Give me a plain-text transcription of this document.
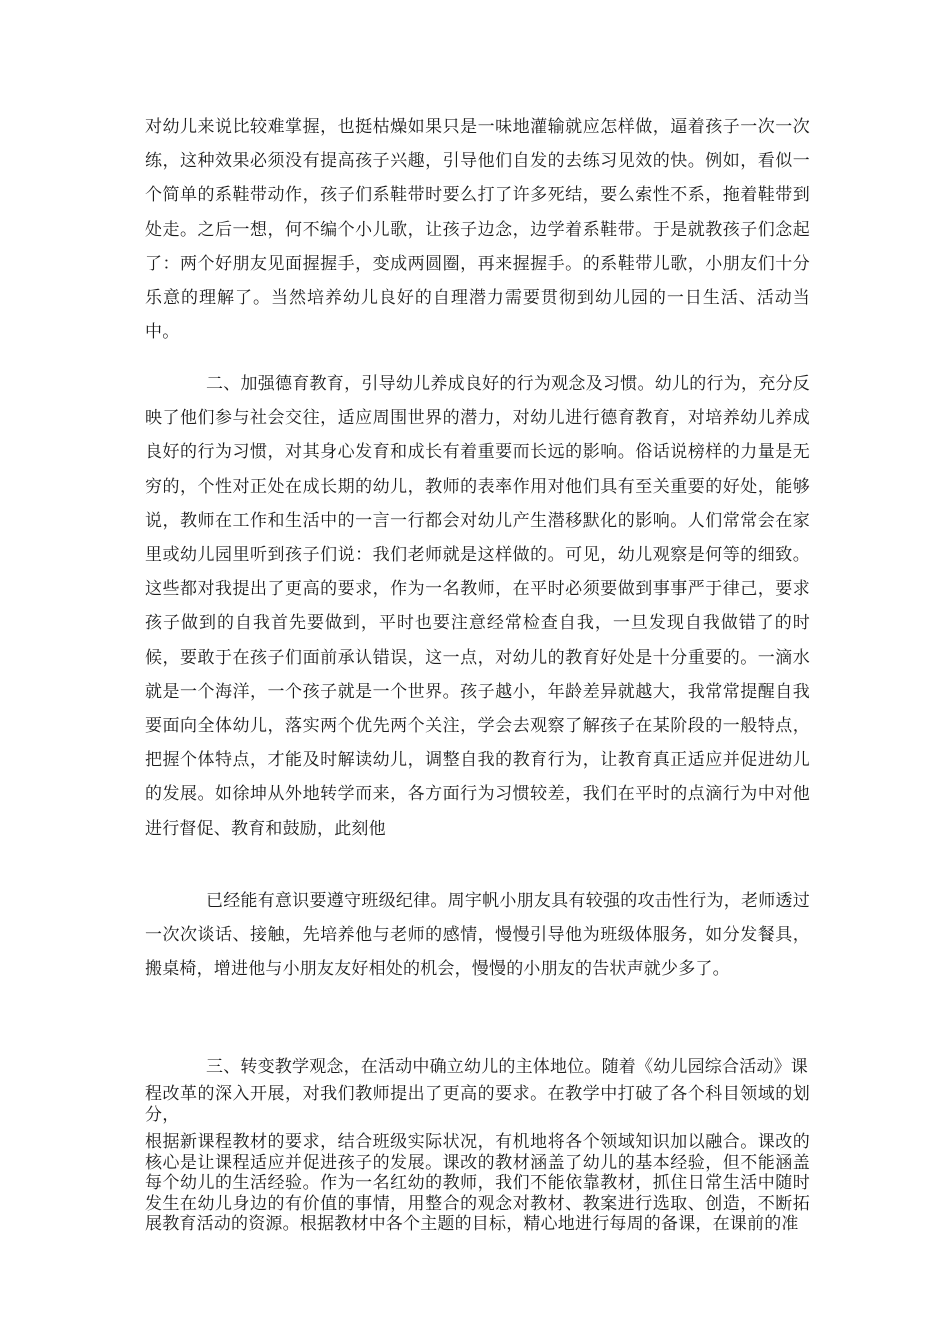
对幼儿来说比较难掌握，也挺枯燥如果只是一味地灌输就应怎样做，逼着孩子一次一次练，这种效果必须没有提高孩子兴趣，引导他们自发的去练习见效的快。例如，看似一个简单的系鞋带动作，孩子们系鞋带时要么打了许多死结，要么索性不系，拖着鞋带到处走。之后一想，何不编个小儿歌，让孩子边念，边学着系鞋带。于是就教孩子们念起了：两个好朋友见面握握手，变成两圆圈，再来握握手。的系鞋带儿歌，小朋友们十分乐意的理解了。当然培养幼儿良好的自理潜力需要贯彻到幼儿园的一日生活、活动当中。

二、加强德育教育，引导幼儿养成良好的行为观念及习惯。幼儿的行为，充分反映了他们参与社会交往，适应周围世界的潜力，对幼儿进行德育教育，对培养幼儿养成良好的行为习惯，对其身心发育和成长有着重要而长远的影响。俗话说榜样的力量是无穷的，个性对正处在成长期的幼儿，教师的表率作用对他们具有至关重要的好处，能够说，教师在工作和生活中的一言一行都会对幼儿产生潜移默化的影响。人们常常会在家里或幼儿园里听到孩子们说：我们老师就是这样做的。可见，幼儿观察是何等的细致。这些都对我提出了更高的要求，作为一名教师，在平时必须要做到事事严于律己，要求孩子做到的自我首先要做到，平时也要注意经常检查自我，一旦发现自我做错了的时候，要敢于在孩子们面前承认错误，这一点，对幼儿的教育好处是十分重要的。一滴水就是一个海洋，一个孩子就是一个世界。孩子越小，年龄差异就越大，我常常提醒自我要面向全体幼儿，落实两个优先两个关注，学会去观察了解孩子在某阶段的一般特点，把握个体特点，才能及时解读幼儿，调整自我的教育行为，让教育真正适应并促进幼儿的发展。如徐坤从外地转学而来，各方面行为习惯较差，我们在平时的点滴行为中对他进行督促、教育和鼓励，此刻他

已经能有意识要遵守班级纪律。周宇帆小朋友具有较强的攻击性行为，老师透过一次次谈话、接触，先培养他与老师的感情，慢慢引导他为班级体服务，如分发餐具，搬桌椅，增进他与小朋友友好相处的机会，慢慢的小朋友的告状声就少多了。

三、转变教学观念，在活动中确立幼儿的主体地位。随着《幼儿园综合活动》课
程改革的深入开展，对我们教师提出了更高的要求。在教学中打破了各个科目领域的划分，

根据新课程教材的要求，结合班级实际状况，有机地将各个领域知识加以融合。课改的核心是让课程适应并促进孩子的发展。课改的教材涵盖了幼儿的基本经验，但不能涵盖每个幼儿的生活经验。作为一名红幼的教师，我们不能依靠教材，抓住日常生活中随时发生在幼儿身边的有价值的事情，用整合的观念对教材、教案进行选取、创造，不断拓展教育活动的资源。根据教材中各个主题的目标，精心地进行每周的备课，在课前的准
